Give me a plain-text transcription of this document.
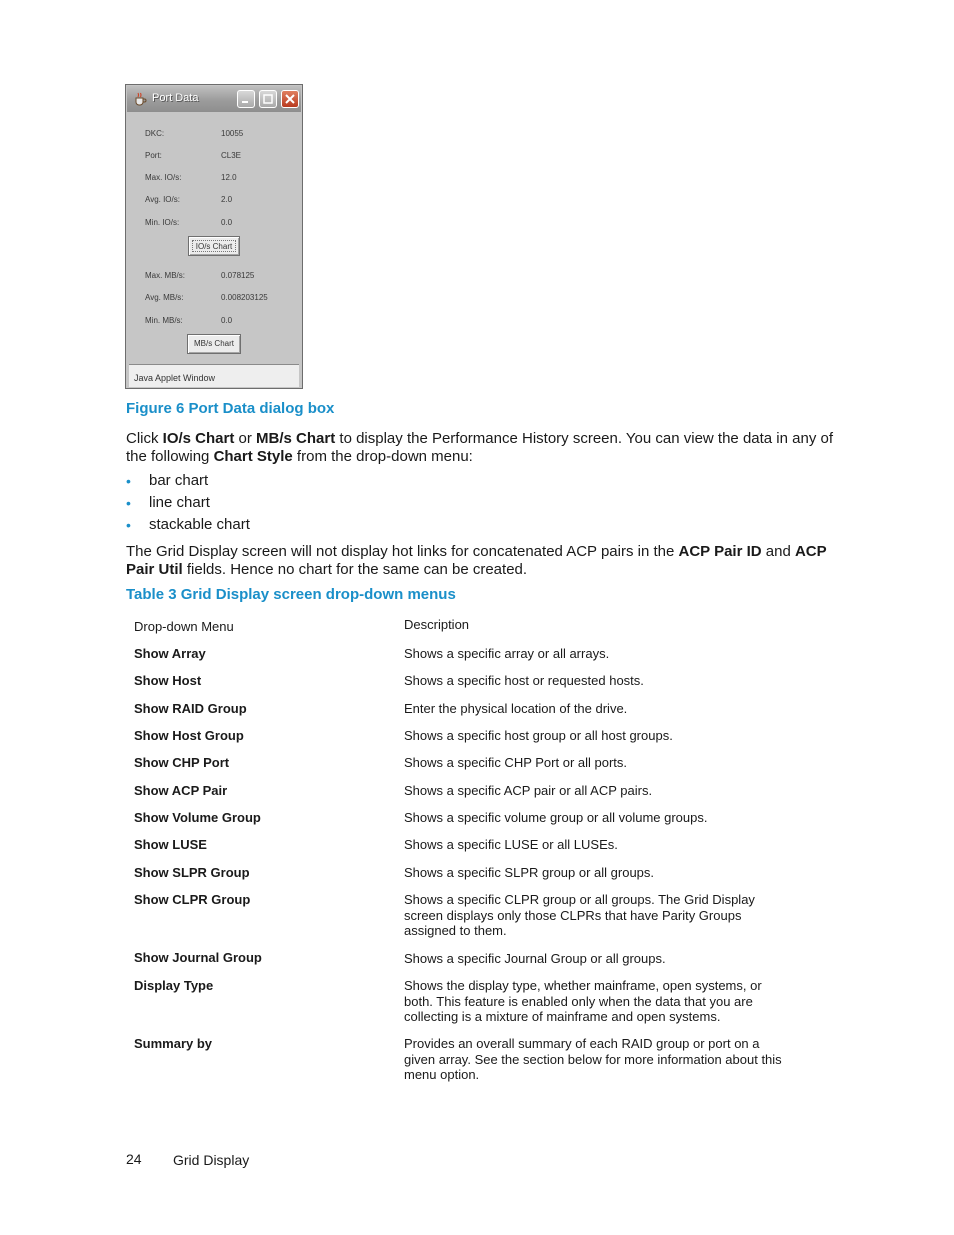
Port Data
DKC:	10055
Port:	CL3E
Max. IO/s:	12.0
Avg. IO/s:	2.0
Min. IO/s:	0.0
IO/s Chart
Max. MB/s:	0.078125
Avg. MB/s:	0.008203125
Min. MB/s:	0.0
MB/s Chart
Java Applet Window
Figure 6 Port Data dialog box
Click IO/s Chart or MB/s Chart to display the Performance History screen. You can view the data in any of the following Chart Style from the drop-down menu:
• bar chart
• line chart
• stackable chart
The Grid Display screen will not display hot links for concatenated ACP pairs in the ACP Pair ID and ACP Pair Util fields. Hence no chart for the same can be created.
Table 3 Grid Display screen drop-down menus
Drop-down Menu	Description
Show Array	Shows a specific array or all arrays.
Show Host	Shows a specific host or requested hosts.
Show RAID Group	Enter the physical location of the drive.
Show Host Group	Shows a specific host group or all host groups.
Show CHP Port	Shows a specific CHP Port or all ports.
Show ACP Pair	Shows a specific ACP pair or all ACP pairs.
Show Volume Group	Shows a specific volume group or all volume groups.
Show LUSE	Shows a specific LUSE or all LUSEs.
Show SLPR Group	Shows a specific SLPR group or all groups.
Show CLPR Group	Shows a specific CLPR group or all groups. The Grid Display screen displays only those CLPRs that have Parity Groups assigned to them.
Show Journal Group	Shows a specific Journal Group or all groups.
Display Type	Shows the display type, whether mainframe, open systems, or both. This feature is enabled only when the data that you are collecting is a mixture of mainframe and open systems.
Summary by	Provides an overall summary of each RAID group or port on a given array. See the section below for more information about this menu option.
24 Grid Display
